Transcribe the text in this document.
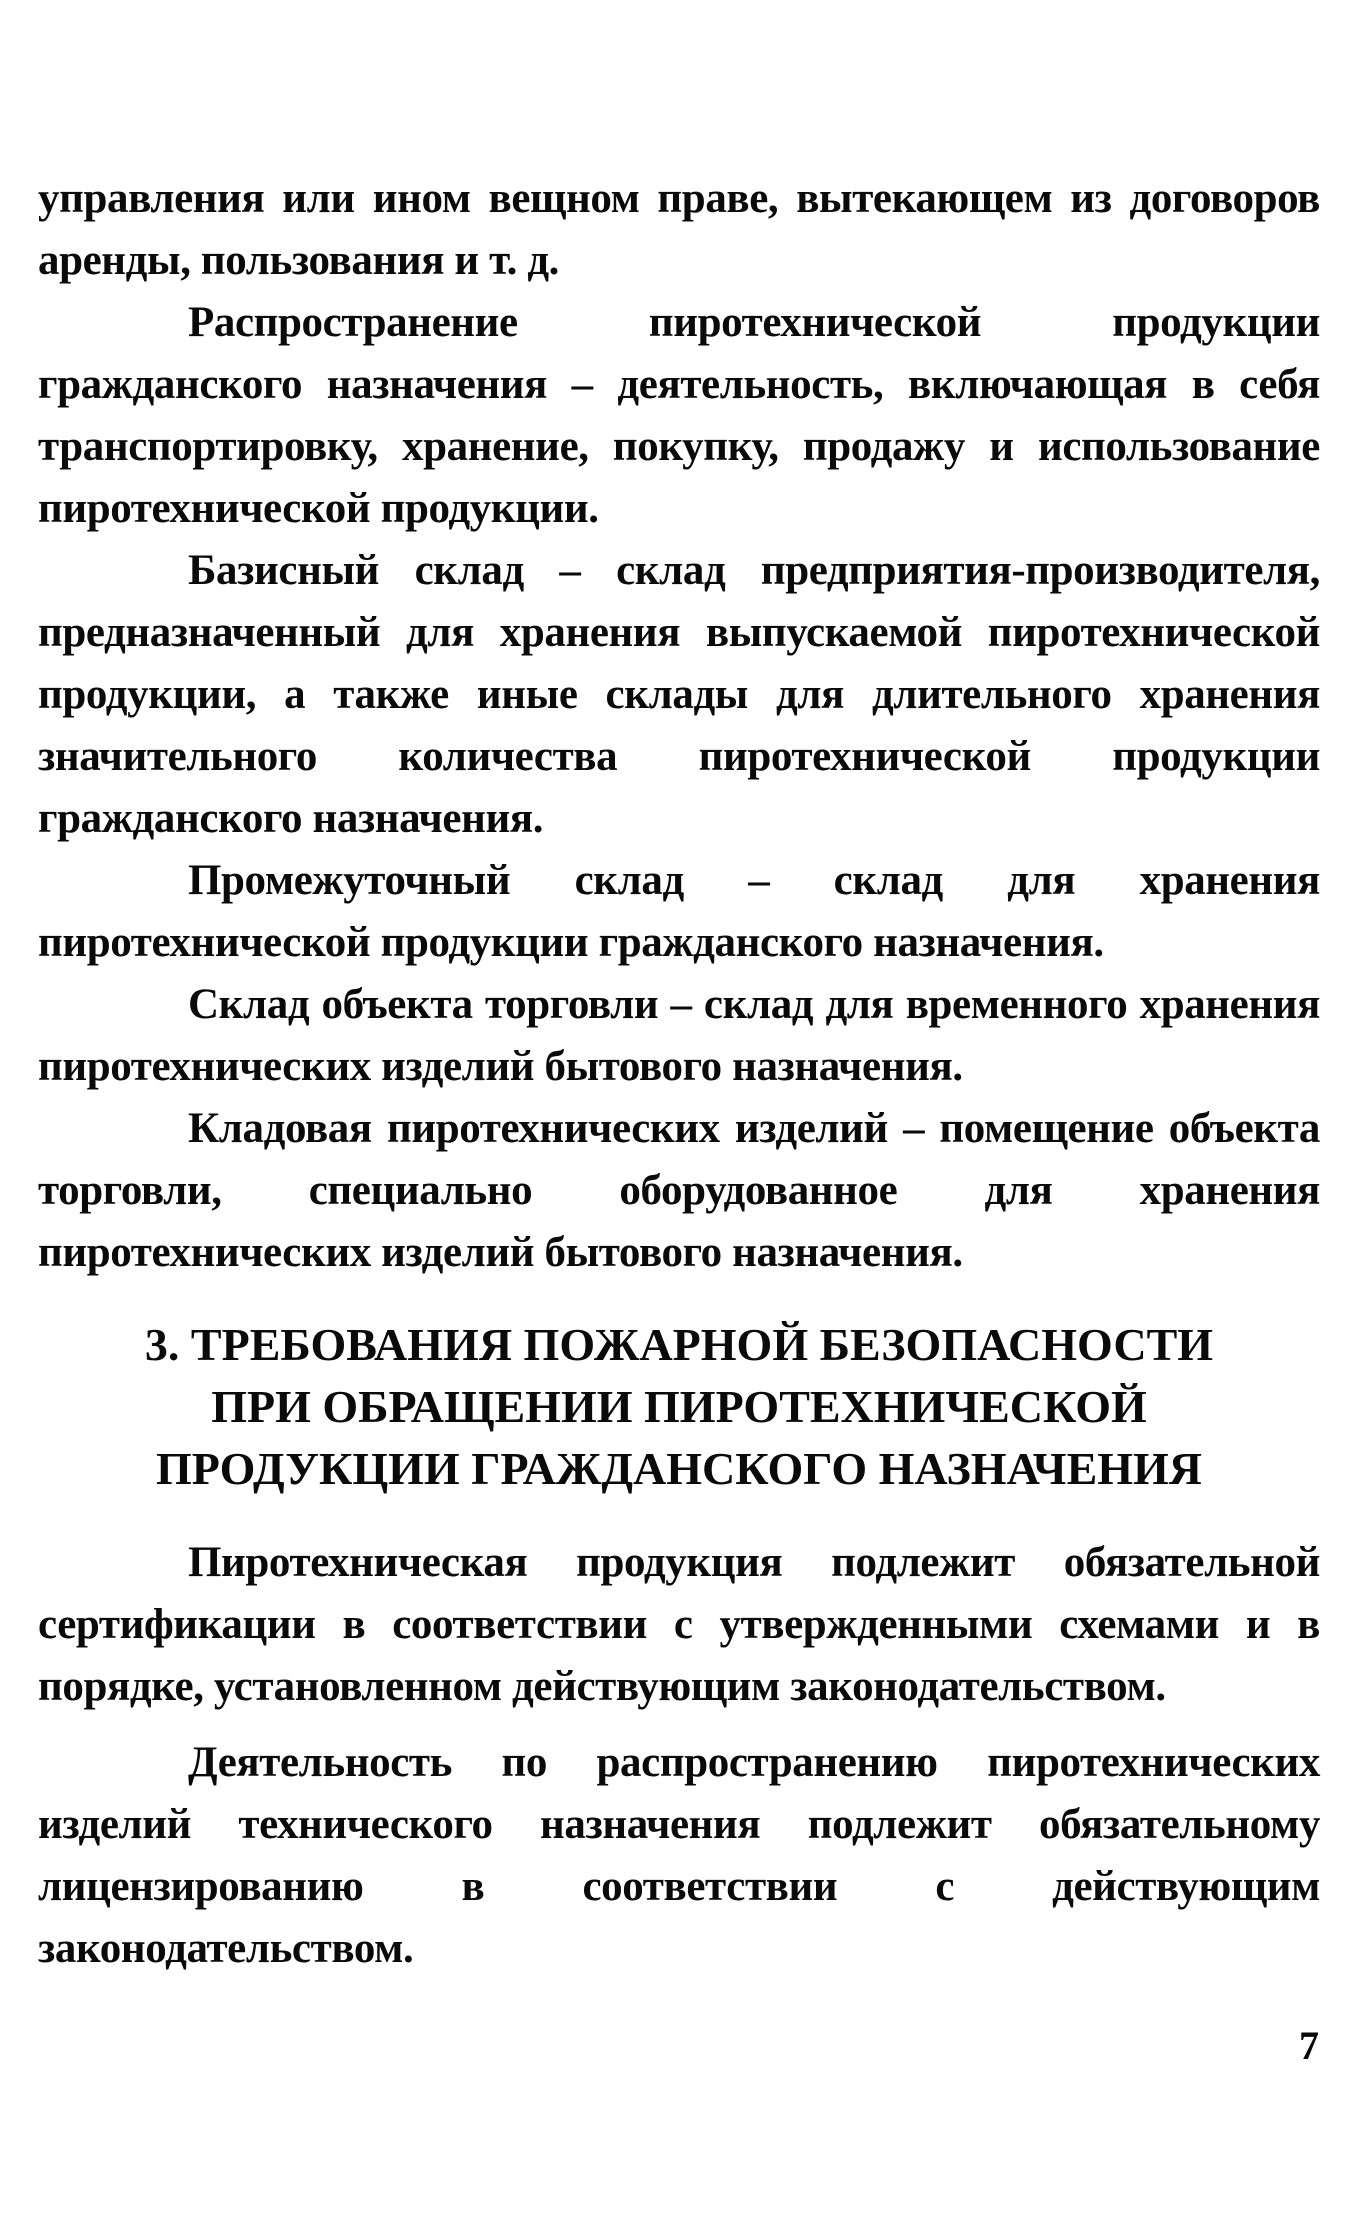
управления или ином вещном праве, вытекающем из договоров аренды, пользования и т. д.

Распространение пиротехнической продукции гражданского назначения – деятельность, включающая в себя транспортировку, хранение, покупку, продажу и использование пиротехнической продукции.

Базисный склад – склад предприятия-производителя, предназначенный для хранения выпускаемой пиротехнической продукции, а также иные склады для длительного хранения значительного количества пиротехнической продукции гражданского назначения.

Промежуточный склад – склад для хранения пиротехнической продукции гражданского назначения.

Склад объекта торговли – склад для временного хранения пиротехнических изделий бытового назначения.

Кладовая пиротехнических изделий – помещение объекта торговли, специально оборудованное для хранения пиротехнических изделий бытового назначения.

3. ТРЕБОВАНИЯ ПОЖАРНОЙ БЕЗОПАСНОСТИ
ПРИ ОБРАЩЕНИИ ПИРОТЕХНИЧЕСКОЙ
ПРОДУКЦИИ ГРАЖДАНСКОГО НАЗНАЧЕНИЯ

Пиротехническая продукция подлежит обязательной сертификации в соответствии с утвержденными схемами и в порядке, установленном действующим законодательством.

Деятельность по распространению пиротехнических изделий технического назначения подлежит обязательному лицензированию в соответствии с действующим законодательством.

7
